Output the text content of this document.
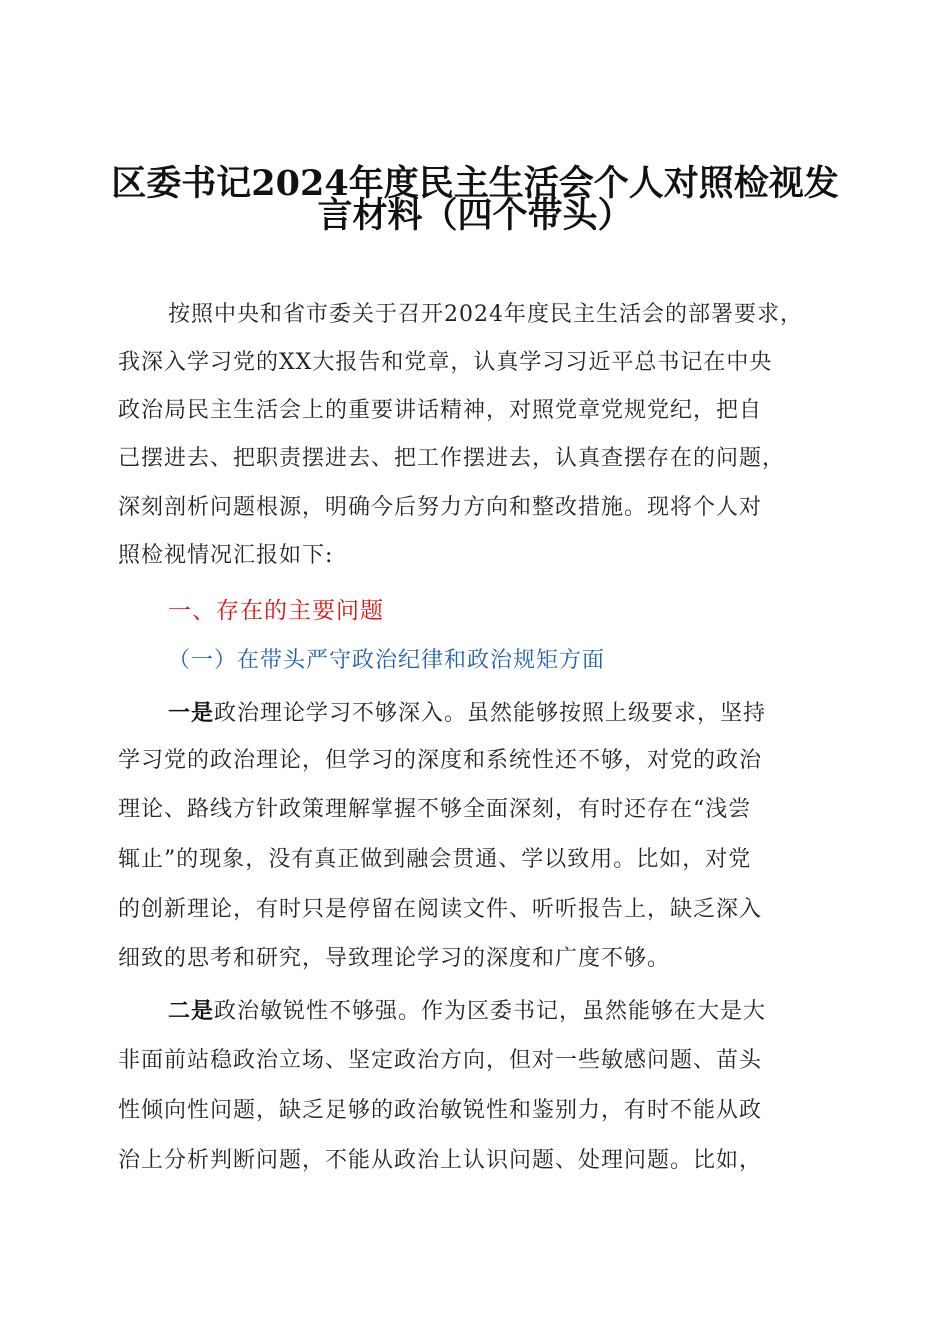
区委书记2024年度民主生活会个人对照检视发
言材料（四个带头）
按照中央和省市委关于召开2024年度民主生活会的部署要求，
我深入学习党的XX大报告和党章，认真学习习近平总书记在中央
政治局民主生活会上的重要讲话精神，对照党章党规党纪，把自
己摆进去、把职责摆进去、把工作摆进去，认真查摆存在的问题，
深刻剖析问题根源，明确今后努力方向和整改措施。现将个人对
照检视情况汇报如下:
一、存在的主要问题
（一）在带头严守政治纪律和政治规矩方面
一是政治理论学习不够深入。虽然能够按照上级要求，坚持
学习党的政治理论，但学习的深度和系统性还不够，对党的政治
理论、路线方针政策理解掌握不够全面深刻，有时还存在“浅尝
辄止”的现象，没有真正做到融会贯通、学以致用。比如，对党
的创新理论，有时只是停留在阅读文件、听听报告上，缺乏深入
细致的思考和研究，导致理论学习的深度和广度不够。
二是政治敏锐性不够强。作为区委书记，虽然能够在大是大
非面前站稳政治立场、坚定政治方向，但对一些敏感问题、苗头
性倾向性问题，缺乏足够的政治敏锐性和鉴别力，有时不能从政
治上分析判断问题，不能从政治上认识问题、处理问题。比如，
